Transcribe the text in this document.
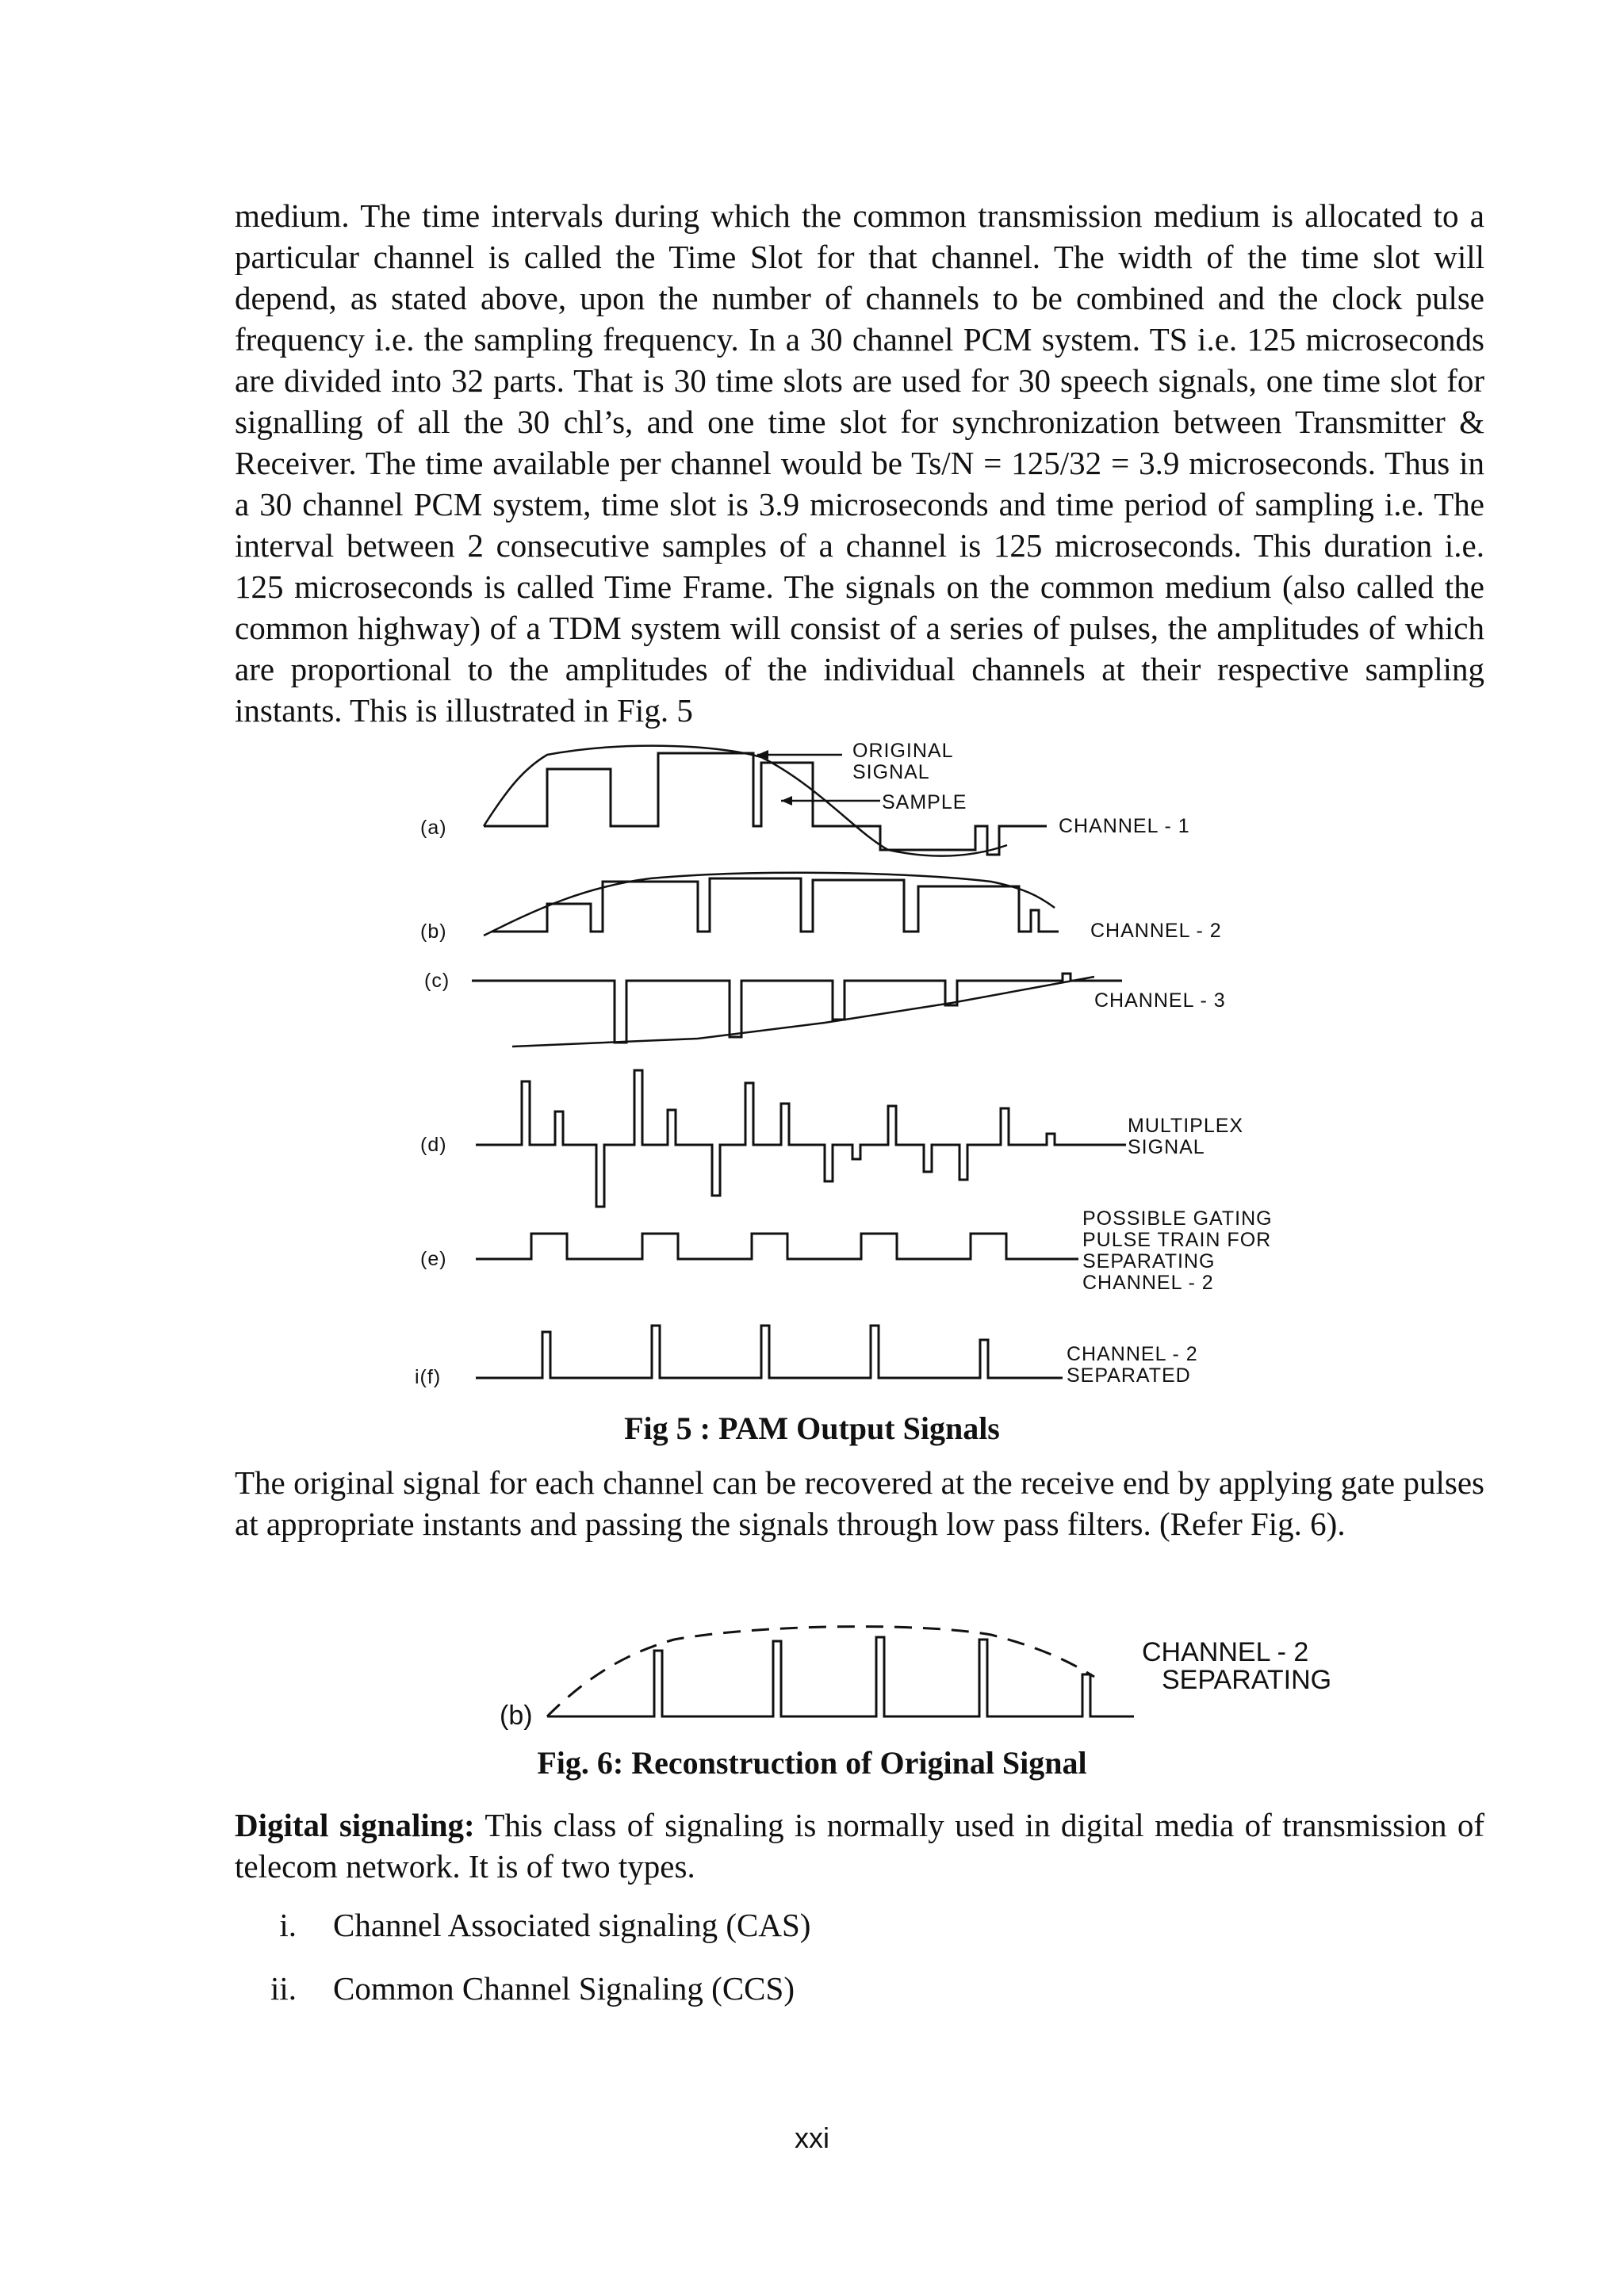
medium. The time intervals during which the common transmission medium is allocated to a particular channel is called the Time Slot for that channel. The width of the time slot will depend, as stated above, upon the number of channels to be combined and the clock pulse frequency i.e. the sampling frequency. In a 30 channel PCM system. TS i.e. 125 microseconds are divided into 32 parts. That is 30 time slots are used for 30 speech signals, one time slot for signalling of all the 30 chl’s, and one time slot for synchronization between Transmitter & Receiver. The time available per channel would be Ts/N = 125/32 = 3.9 microseconds. Thus in a 30 channel PCM system, time slot is 3.9 microseconds and time period of sampling i.e. The interval between 2 consecutive samples of a channel is 125 microseconds. This duration i.e. 125 microseconds is called Time Frame. The signals on the common medium (also called the common highway) of a TDM system will consist of a series of pulses, the amplitudes of which are proportional to the amplitudes of the individual channels at their respective sampling instants. This is illustrated in Fig. 5

(a)
(b)
(c)
(d)
(e)
i(f)
ORIGINAL
SIGNAL
SAMPLE
CHANNEL - 1
CHANNEL - 2
CHANNEL - 3
MULTIPLEX
SIGNAL
POSSIBLE GATING
PULSE TRAIN FOR
SEPARATING
CHANNEL - 2
CHANNEL - 2
SEPARATED
(b)
CHANNEL - 2
SEPARATING

Fig 5 : PAM Output Signals

The original signal for each channel can be recovered at the receive end by applying gate pulses at appropriate instants and passing the signals through low pass filters. (Refer Fig. 6).

Fig. 6: Reconstruction of Original Signal

Digital signaling: This class of signaling is normally used in digital media of transmission of telecom network. It is of two types.

i. Channel Associated signaling (CAS)
ii. Common Channel Signaling (CCS)

xxi
